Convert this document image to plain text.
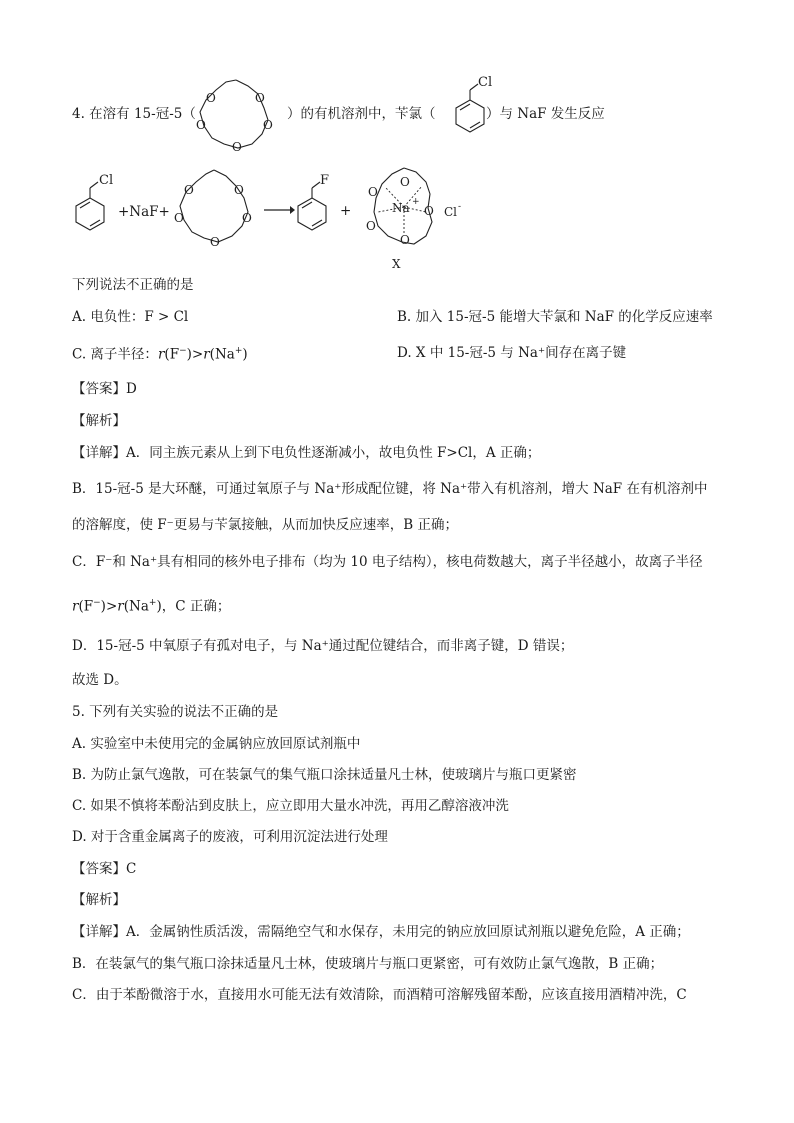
4. 在溶有 15-冠-5（
O	O
O	O
O
）的有机溶剂中，苄氯（
Cl
）与 NaF 发生反应
Cl
+NaF+
O	O
O	O
O
F
+
O
O
O
O
O
Na +
Cl -
X
下列说法不正确的是
A. 电负性：F > Cl	B. 加入 15-冠-5 能增大苄氯和 NaF 的化学反应速率
C. 离子半径：r(F−)>r(Na+)	D. X 中 15-冠-5 与 Na⁺间存在离子键
【答案】D
【解析】
【详解】A．同主族元素从上到下电负性逐渐减小，故电负性 F>Cl，A 正确；
B．15-冠-5 是大环醚，可通过氧原子与 Na⁺形成配位键，将 Na⁺带入有机溶剂，增大 NaF 在有机溶剂中
的溶解度，使 F⁻更易与苄氯接触，从而加快反应速率，B 正确；
C．F⁻和 Na⁺具有相同的核外电子排布（均为 10 电子结构），核电荷数越大，离子半径越小，故离子半径
r(F−)>r(Na+)，C 正确；
D．15-冠-5 中氧原子有孤对电子，与 Na⁺通过配位键结合，而非离子键，D 错误；
故选 D。
5. 下列有关实验的说法不正确的是
A. 实验室中未使用完的金属钠应放回原试剂瓶中
B. 为防止氯气逸散，可在装氯气的集气瓶口涂抹适量凡士林，使玻璃片与瓶口更紧密
C. 如果不慎将苯酚沾到皮肤上，应立即用大量水冲洗，再用乙醇溶液冲洗
D. 对于含重金属离子的废液，可利用沉淀法进行处理
【答案】C
【解析】
【详解】A．金属钠性质活泼，需隔绝空气和水保存，未用完的钠应放回原试剂瓶以避免危险，A 正确；
B．在装氯气的集气瓶口涂抹适量凡士林，使玻璃片与瓶口更紧密，可有效防止氯气逸散，B 正确；
C．由于苯酚微溶于水，直接用水可能无法有效清除，而酒精可溶解残留苯酚，应该直接用酒精冲洗，C
